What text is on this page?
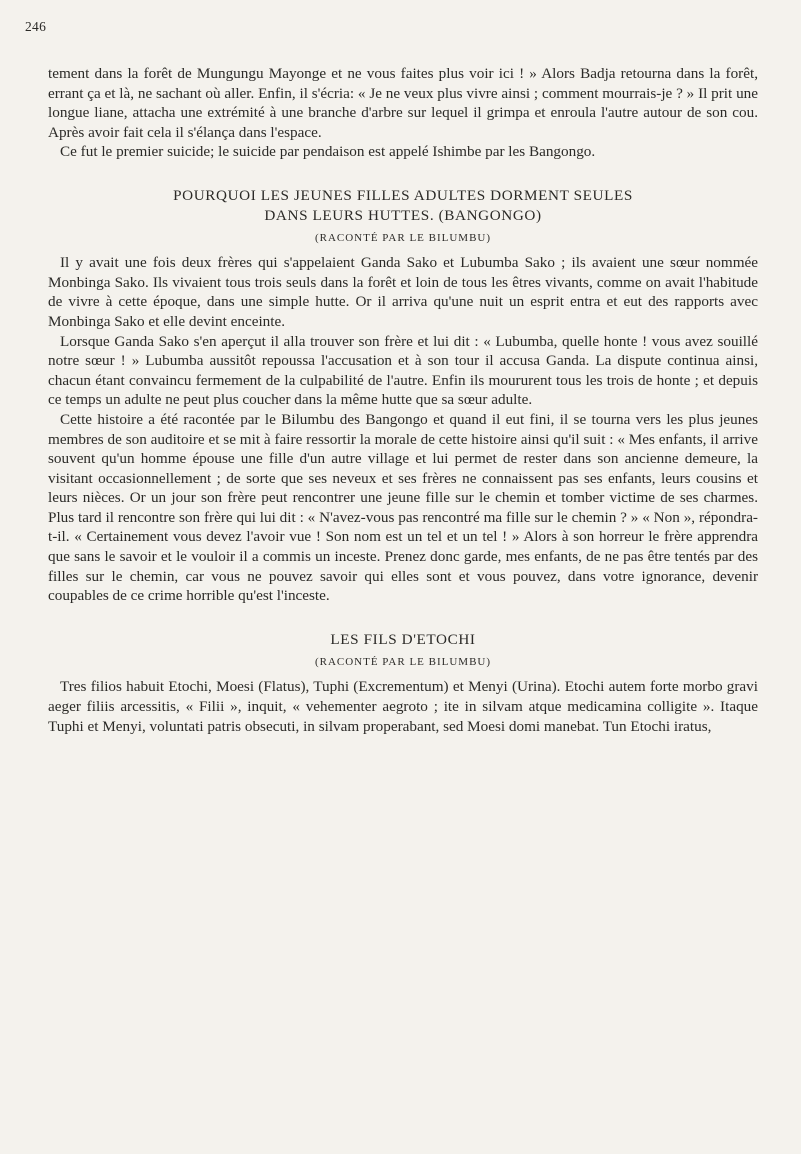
246

tement dans la forêt de Mungungu Mayonge et ne vous faites plus voir ici ! » Alors Badja retourna dans la forêt, errant ça et là, ne sachant où aller. Enfin, il s'écria: « Je ne veux plus vivre ainsi ; comment mourrais-je ? » Il prit une longue liane, attacha une extrémité à une branche d'arbre sur lequel il grimpa et enroula l'autre autour de son cou. Après avoir fait cela il s'élança dans l'espace.

Ce fut le premier suicide; le suicide par pendaison est appelé Ishimbe par les Bangongo.

POURQUOI LES JEUNES FILLES ADULTES DORMENT SEULES
DANS LEURS HUTTES. (BANGONGO)
(RACONTÉ PAR LE BILUMBU)

Il y avait une fois deux frères qui s'appelaient Ganda Sako et Lubumba Sako ; ils avaient une sœur nommée Monbinga Sako. Ils vivaient tous trois seuls dans la forêt et loin de tous les êtres vivants, comme on avait l'habitude de vivre à cette époque, dans une simple hutte. Or il arriva qu'une nuit un esprit entra et eut des rapports avec Monbinga Sako et elle devint enceinte.

Lorsque Ganda Sako s'en aperçut il alla trouver son frère et lui dit : « Lubumba, quelle honte ! vous avez souillé notre sœur ! » Lubumba aussitôt repoussa l'accusation et à son tour il accusa Ganda. La dispute continua ainsi, chacun étant convaincu fermement de la culpabilité de l'autre. Enfin ils moururent tous les trois de honte ; et depuis ce temps un adulte ne peut plus coucher dans la même hutte que sa sœur adulte.

Cette histoire a été racontée par le Bilumbu des Bangongo et quand il eut fini, il se tourna vers les plus jeunes membres de son auditoire et se mit à faire ressortir la morale de cette histoire ainsi qu'il suit : « Mes enfants, il arrive souvent qu'un homme épouse une fille d'un autre village et lui permet de rester dans son ancienne demeure, la visitant occasionnellement ; de sorte que ses neveux et ses frères ne connaissent pas ses enfants, leurs cousins et leurs nièces. Or un jour son frère peut rencontrer une jeune fille sur le chemin et tomber victime de ses charmes. Plus tard il rencontre son frère qui lui dit : « N'avez-vous pas rencontré ma fille sur le chemin ? » « Non », répondra-t-il. « Certainement vous devez l'avoir vue ! Son nom est un tel et un tel ! » Alors à son horreur le frère apprendra que sans le savoir et le vouloir il a commis un inceste. Prenez donc garde, mes enfants, de ne pas être tentés par des filles sur le chemin, car vous ne pouvez savoir qui elles sont et vous pouvez, dans votre ignorance, devenir coupables de ce crime horrible qu'est l'inceste.

LES FILS D'ETOCHI
(RACONTÉ PAR LE BILUMBU)

Tres filios habuit Etochi, Moesi (Flatus), Tuphi (Excrementum) et Menyi (Urina). Etochi autem forte morbo gravi aeger filiis arcessitis, « Filii », inquit, « vehementer aegroto ; ite in silvam atque medicamina colligite ». Itaque Tuphi et Menyi, voluntati patris obsecuti, in silvam properabant, sed Moesi domi manebat. Tun Etochi iratus,
